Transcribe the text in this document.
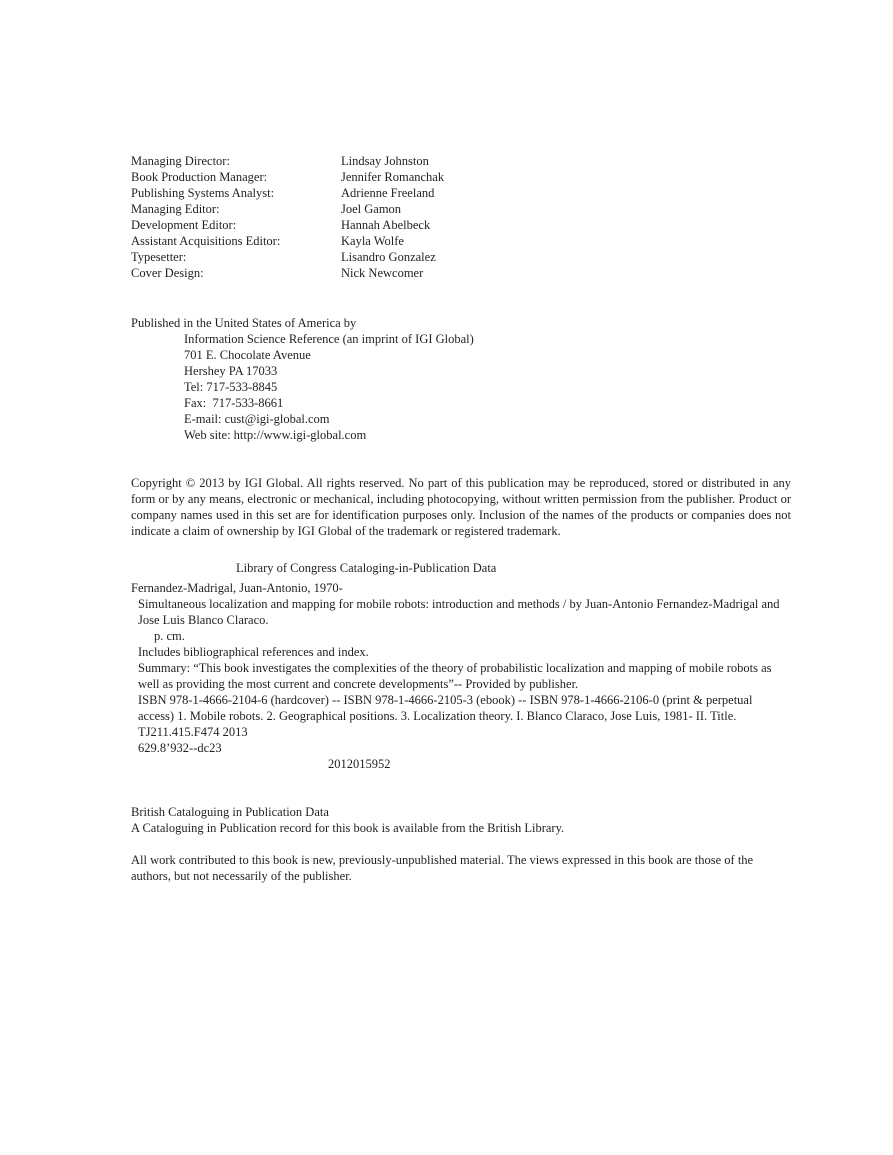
Managing Director:	Lindsay Johnston
Book Production Manager:	Jennifer Romanchak
Publishing Systems Analyst:	Adrienne Freeland
Managing Editor:	Joel Gamon
Development Editor:	Hannah Abelbeck
Assistant Acquisitions Editor:	Kayla Wolfe
Typesetter:	Lisandro Gonzalez
Cover Design:	Nick Newcomer
Published in the United States of America by
Information Science Reference (an imprint of IGI Global)
701 E. Chocolate Avenue
Hershey PA 17033
Tel: 717-533-8845
Fax:  717-533-8661
E-mail: cust@igi-global.com
Web site: http://www.igi-global.com
Copyright © 2013 by IGI Global. All rights reserved. No part of this publication may be reproduced, stored or distributed in any form or by any means, electronic or mechanical, including photocopying, without written permission from the publisher. Product or company names used in this set are for identification purposes only. Inclusion of the names of the products or companies does not indicate a claim of ownership by IGI Global of the trademark or registered trademark.
Library of Congress Cataloging-in-Publication Data
Fernandez-Madrigal, Juan-Antonio, 1970-
Simultaneous localization and mapping for mobile robots: introduction and methods / by Juan-Antonio Fernandez-Madrigal and Jose Luis Blanco Claraco.
p. cm.
Includes bibliographical references and index.
Summary: “This book investigates the complexities of the theory of probabilistic localization and mapping of mobile robots as well as providing the most current and concrete developments”-- Provided by publisher.
ISBN 978-1-4666-2104-6 (hardcover) -- ISBN 978-1-4666-2105-3 (ebook) -- ISBN 978-1-4666-2106-0 (print & perpetual access) 1. Mobile robots. 2. Geographical positions. 3. Localization theory. I. Blanco Claraco, Jose Luis, 1981- II. Title.
TJ211.415.F474 2013
629.8’932--dc23
2012015952
British Cataloguing in Publication Data
A Cataloguing in Publication record for this book is available from the British Library.
All work contributed to this book is new, previously-unpublished material. The views expressed in this book are those of the authors, but not necessarily of the publisher.
